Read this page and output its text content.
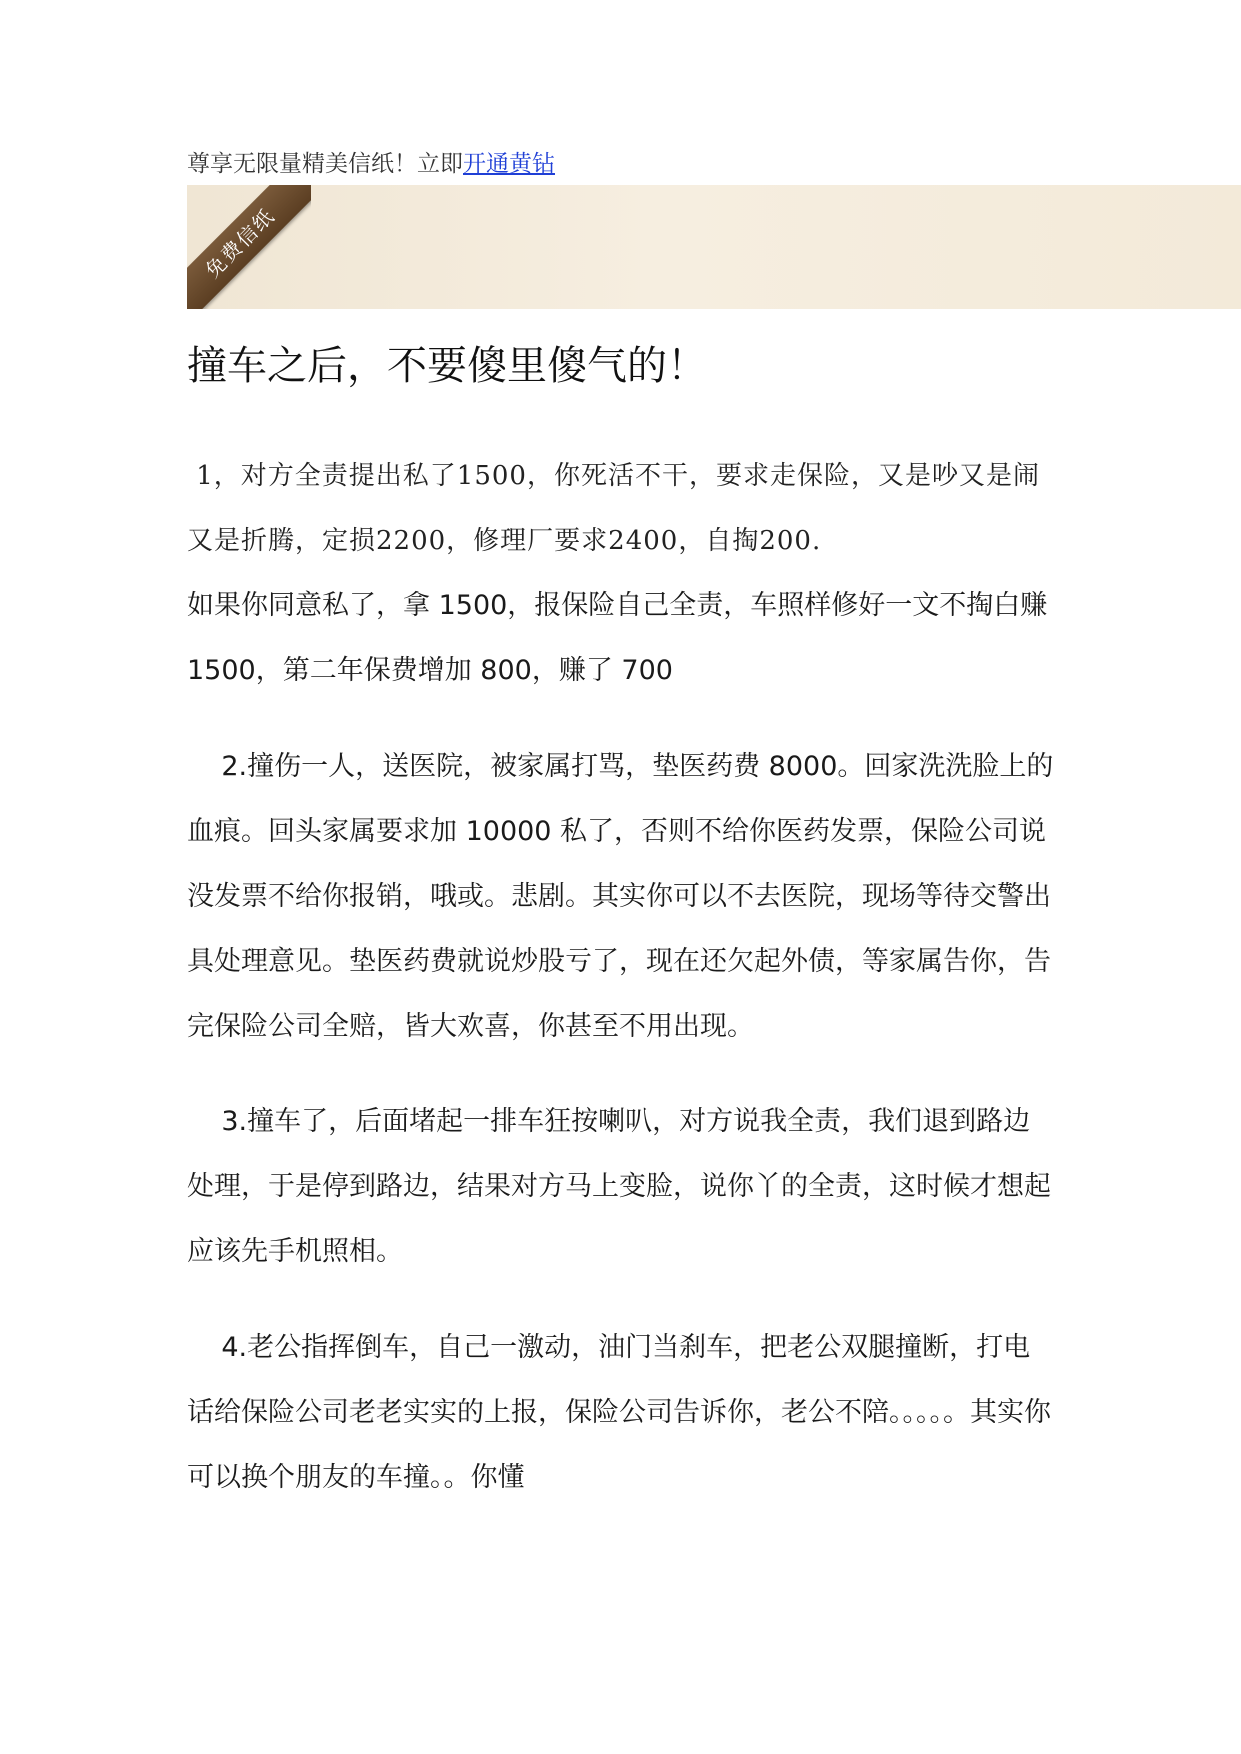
尊享无限量精美信纸！立即开通黄钻
免费信纸
撞车之后，不要傻里傻气的！
1，对方全责提出私了1500，你死活不干，要求走保险，又是吵又是闹又是折腾，定损2200，修理厂要求2400，自掏200.
如果你同意私了，拿 1500，报保险自己全责，车照样修好一文不掏白赚 1500，第二年保费增加 800，赚了 700
2.撞伤一人，送医院，被家属打骂，垫医药费 8000。回家洗洗脸上的血痕。回头家属要求加 10000 私了，否则不给你医药发票，保险公司说没发票不给你报销，哦或。悲剧。其实你可以不去医院，现场等待交警出具处理意见。垫医药费就说炒股亏了，现在还欠起外债，等家属告你，告完保险公司全赔，皆大欢喜，你甚至不用出现。
3.撞车了，后面堵起一排车狂按喇叭，对方说我全责，我们退到路边处理，于是停到路边，结果对方马上变脸，说你丫的全责，这时候才想起应该先手机照相。
4.老公指挥倒车，自己一激动，油门当刹车，把老公双腿撞断，打电话给保险公司老老实实的上报，保险公司告诉你，老公不陪。。。。。其实你可以换个朋友的车撞。。你懂
